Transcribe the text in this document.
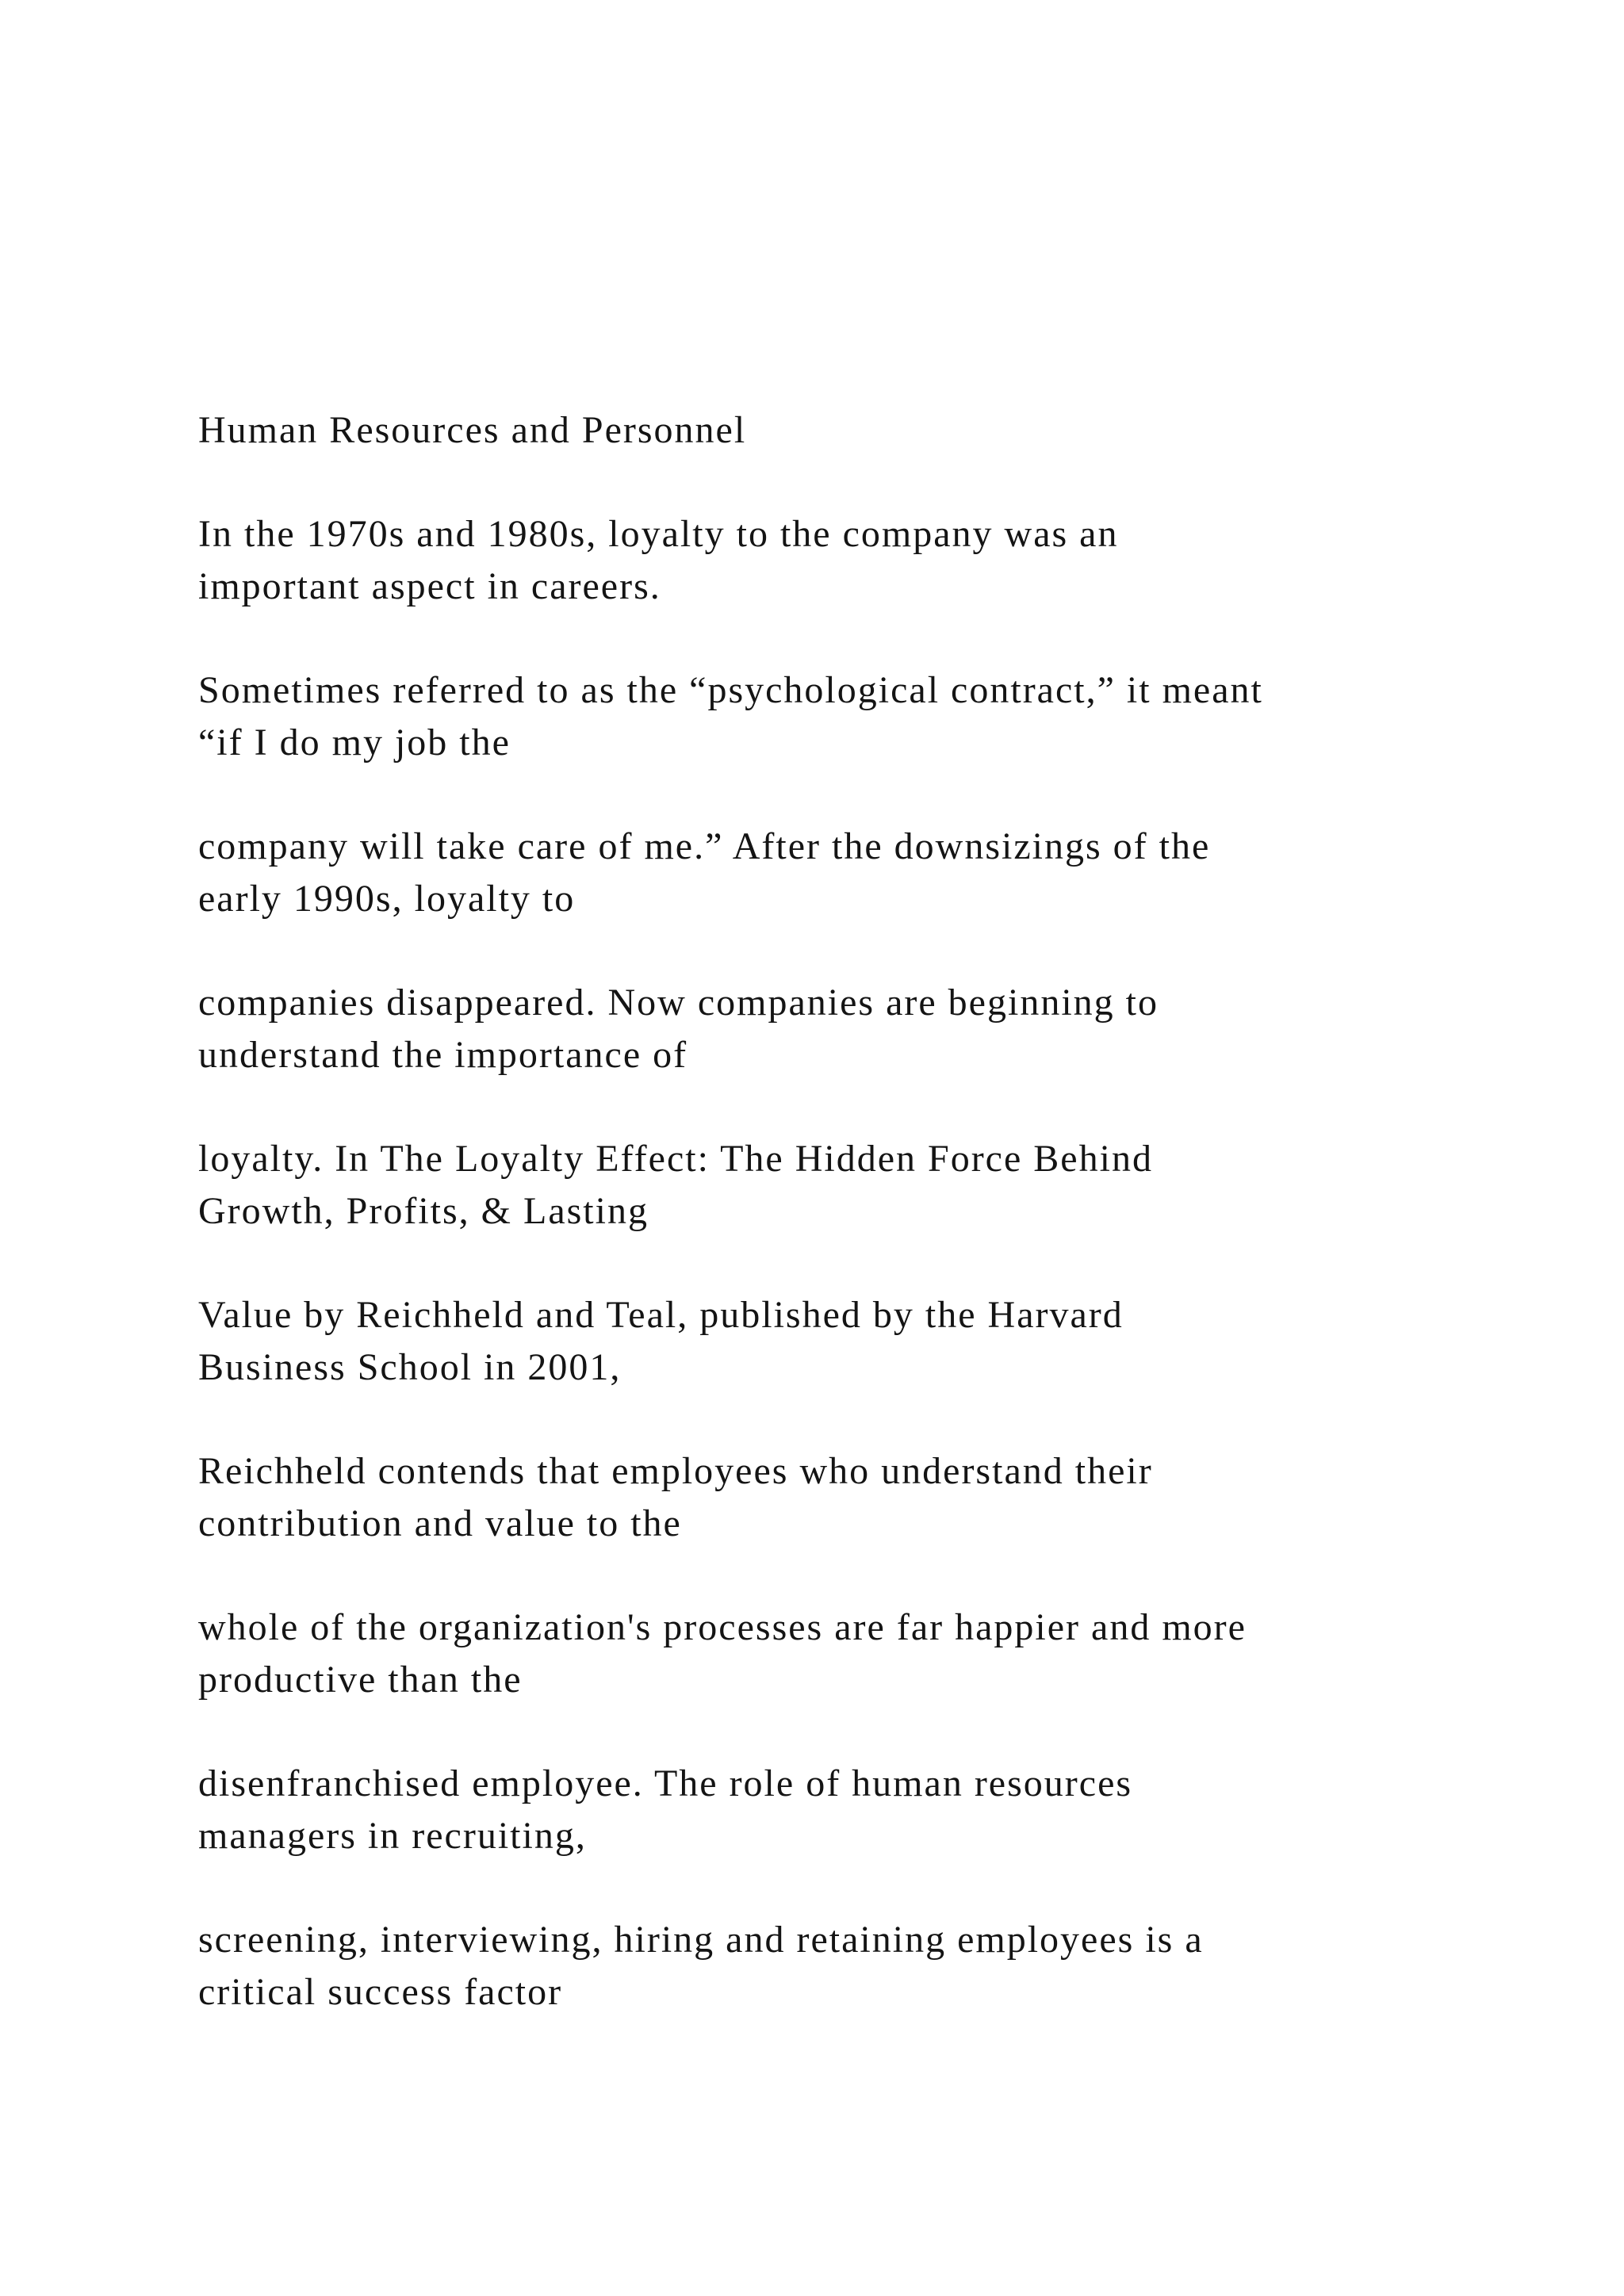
Human Resources and Personnel

In the 1970s and 1980s, loyalty to the company was an
important aspect in careers.

Sometimes referred to as the “psychological contract,” it meant
“if I do my job the

company will take care of me.” After the downsizings of the
early 1990s, loyalty to

companies disappeared. Now companies are beginning to
understand the importance of

loyalty. In The Loyalty Effect: The Hidden Force Behind
Growth, Profits, & Lasting

Value by Reichheld and Teal, published by the Harvard
Business School in 2001,

Reichheld contends that employees who understand their
contribution and value to the

whole of the organization's processes are far happier and more
productive than the

disenfranchised employee. The role of human resources
managers in recruiting,

screening, interviewing, hiring and retaining employees is a
critical success factor
